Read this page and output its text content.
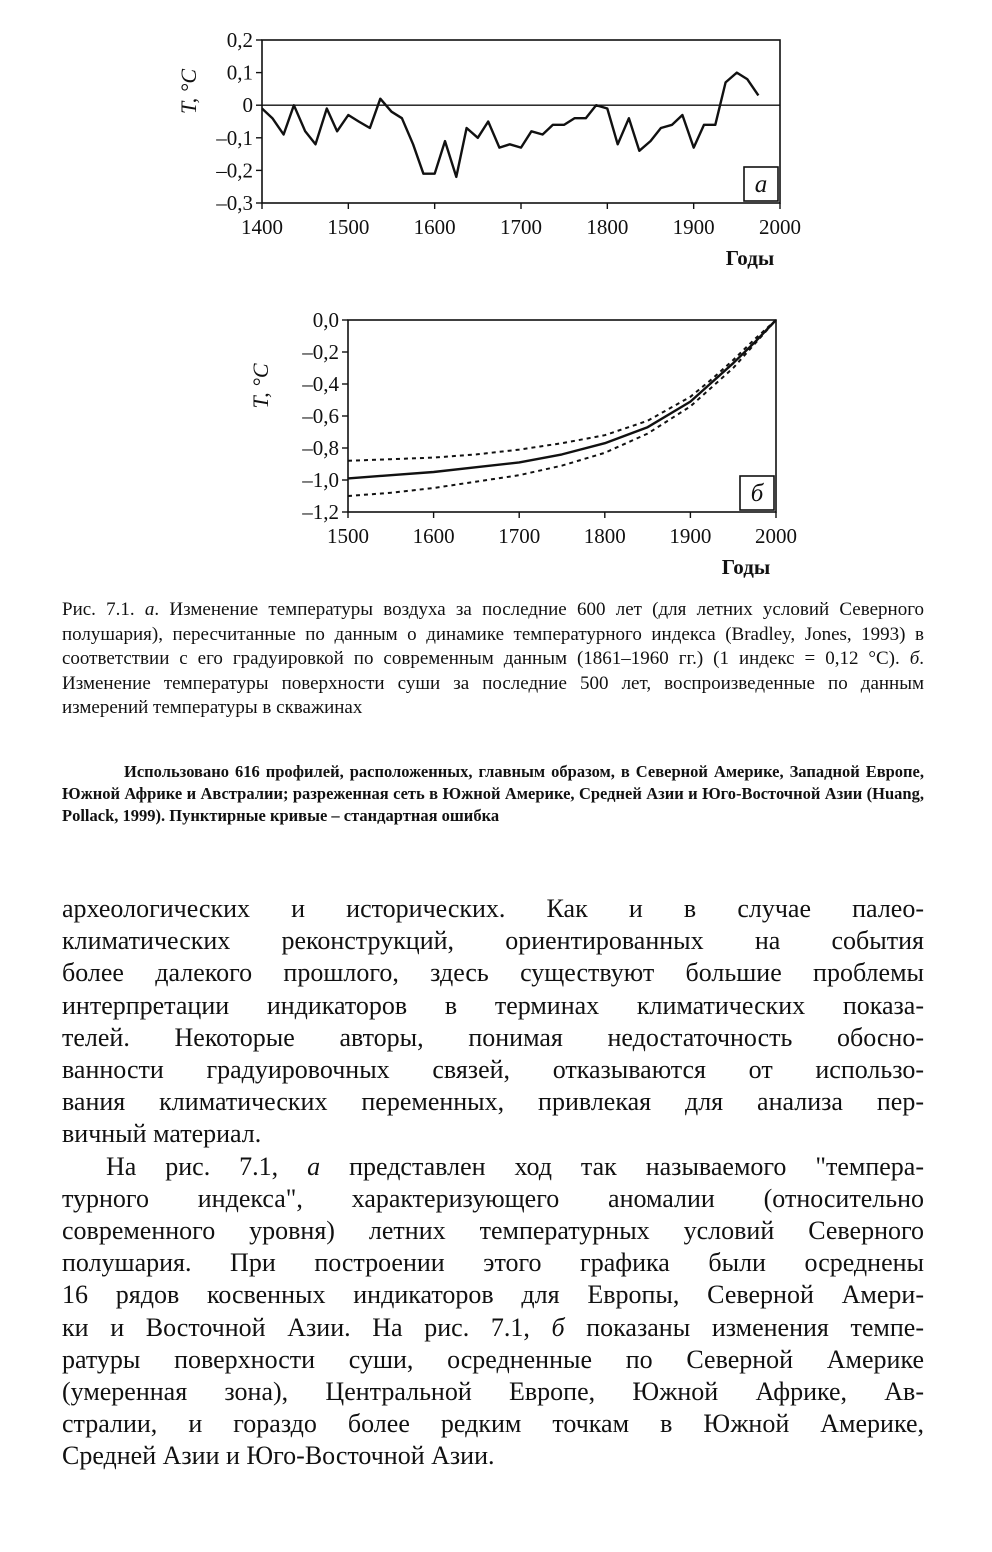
0,2
0,1
0
–0,1
–0,2
–0,3
1400 1500 1600 1700 1800 1900 2000
T, °C
Годы
а
0,0
–0,2
–0,4
–0,6
–0,8
–1,0
–1,2
1500 1600 1700 1800 1900 2000
T, °C
Годы
б

Рис. 7.1. а. Изменение температуры воздуха за последние 600 лет (для летних условий Северного полушария), пересчитанные по данным о динамике температурного индекса (Bradley, Jones, 1993) в соответствии с его градуировкой по современным данным (1861–1960 гг.) (1 индекс = 0,12 °С). б. Изменение температуры поверхности суши за последние 500 лет, воспроизведенные по данным измерений температуры в скважинах

Использовано 616 профилей, расположенных, главным образом, в Северной Америке, Западной Европе, Южной Африке и Австралии; разреженная сеть в Южной Америке, Средней Азии и Юго-Восточной Азии (Huang, Pollack, 1999). Пунктирные кривые – стандартная ошибка

археологических и исторических. Как и в случае палео-

климатических реконструкций, ориентированных на события

более далекого прошлого, здесь существуют большие проблемы

интерпретации индикаторов в терминах климатических показа-

телей. Некоторые авторы, понимая недостаточность обосно-

ванности градуировочных связей, отказываются от использо-

вания климатических переменных, привлекая для анализа пер-

вичный материал.

На рис. 7.1, а представлен ход так называемого "темпера-

турного индекса", характеризующего аномалии (относительно

современного уровня) летних температурных условий Северного

полушария. При построении этого графика были осреднены

16 рядов косвенных индикаторов для Европы, Северной Амери-

ки и Восточной Азии. На рис. 7.1, б показаны изменения темпе-

ратуры поверхности суши, осредненные по Северной Америке

(умеренная зона), Центральной Европе, Южной Африке, Ав-

стралии, и гораздо более редким точкам в Южной Америке,

Средней Азии и Юго-Восточной Азии.
